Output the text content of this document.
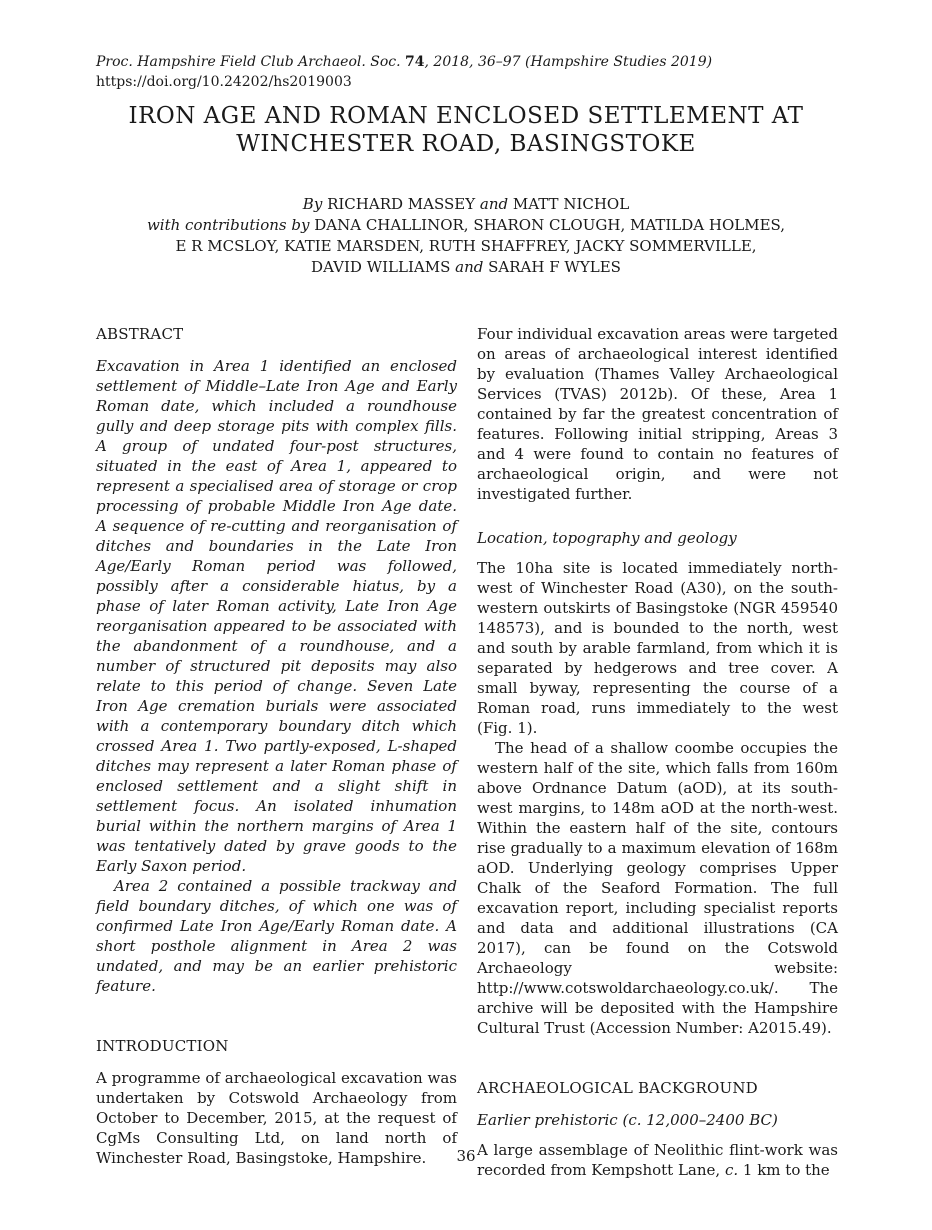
Proc. Hampshire Field Club Archaeol. Soc. 74, 2018, 36–97 (Hampshire Studies 2019)
https://doi.org/10.24202/hs2019003
IRON AGE AND ROMAN ENCLOSED SETTLEMENT AT WINCHESTER ROAD, BASINGSTOKE
By RICHARD MASSEY and MATT NICHOL
with contributions by DANA CHALLINOR, SHARON CLOUGH, MATILDA HOLMES,
E R MCSLOY, KATIE MARSDEN, RUTH SHAFFREY, JACKY SOMMERVILLE,
DAVID WILLIAMS and SARAH F WYLES
ABSTRACT

Excavation in Area 1 identified an enclosed settlement of Middle–Late Iron Age and Early Roman date, which included a roundhouse gully and deep storage pits with complex fills. A group of undated four-post structures, situated in the east of Area 1, appeared to represent a specialised area of storage or crop processing of probable Middle Iron Age date. A sequence of re-cutting and reorganisation of ditches and boundaries in the Late Iron Age/Early Roman period was followed, possibly after a considerable hiatus, by a phase of later Roman activity, Late Iron Age reorganisation appeared to be associated with the abandonment of a roundhouse, and a number of structured pit deposits may also relate to this period of change. Seven Late Iron Age cremation burials were associated with a contemporary boundary ditch which crossed Area 1. Two partly-exposed, L-shaped ditches may represent a later Roman phase of enclosed settlement and a slight shift in settlement focus. An isolated inhumation burial within the northern margins of Area 1 was tentatively dated by grave goods to the Early Saxon period.

Area 2 contained a possible trackway and field boundary ditches, of which one was of confirmed Late Iron Age/Early Roman date. A short posthole alignment in Area 2 was undated, and may be an earlier prehistoric feature.

INTRODUCTION

A programme of archaeological excavation was undertaken by Cotswold Archaeology from October to December, 2015, at the request of CgMs Consulting Ltd, on land north of Winchester Road, Basingstoke, Hampshire.

Four individual excavation areas were targeted on areas of archaeological interest identified by evaluation (Thames Valley Archaeological Services (TVAS) 2012b). Of these, Area 1 contained by far the greatest concentration of features. Following initial stripping, Areas 3 and 4 were found to contain no features of archaeological origin, and were not investigated further.

Location, topography and geology

The 10ha site is located immediately north-west of Winchester Road (A30), on the south-western outskirts of Basingstoke (NGR 459540 148573), and is bounded to the north, west and south by arable farmland, from which it is separated by hedgerows and tree cover. A small byway, representing the course of a Roman road, runs immediately to the west (Fig. 1).

The head of a shallow coombe occupies the western half of the site, which falls from 160m above Ordnance Datum (aOD), at its south-west margins, to 148m aOD at the north-west. Within the eastern half of the site, contours rise gradually to a maximum elevation of 168m aOD. Underlying geology comprises Upper Chalk of the Seaford Formation. The full excavation report, including specialist reports and data and additional illustrations (CA 2017), can be found on the Cotswold Archaeology website: http://www.cotswoldarchaeology.co.uk/. The archive will be deposited with the Hampshire Cultural Trust (Accession Number: A2015.49).

ARCHAEOLOGICAL BACKGROUND
Earlier prehistoric (c. 12,000–2400 BC)

A large assemblage of Neolithic flint-work was recorded from Kempshott Lane, c. 1 km to the

36
